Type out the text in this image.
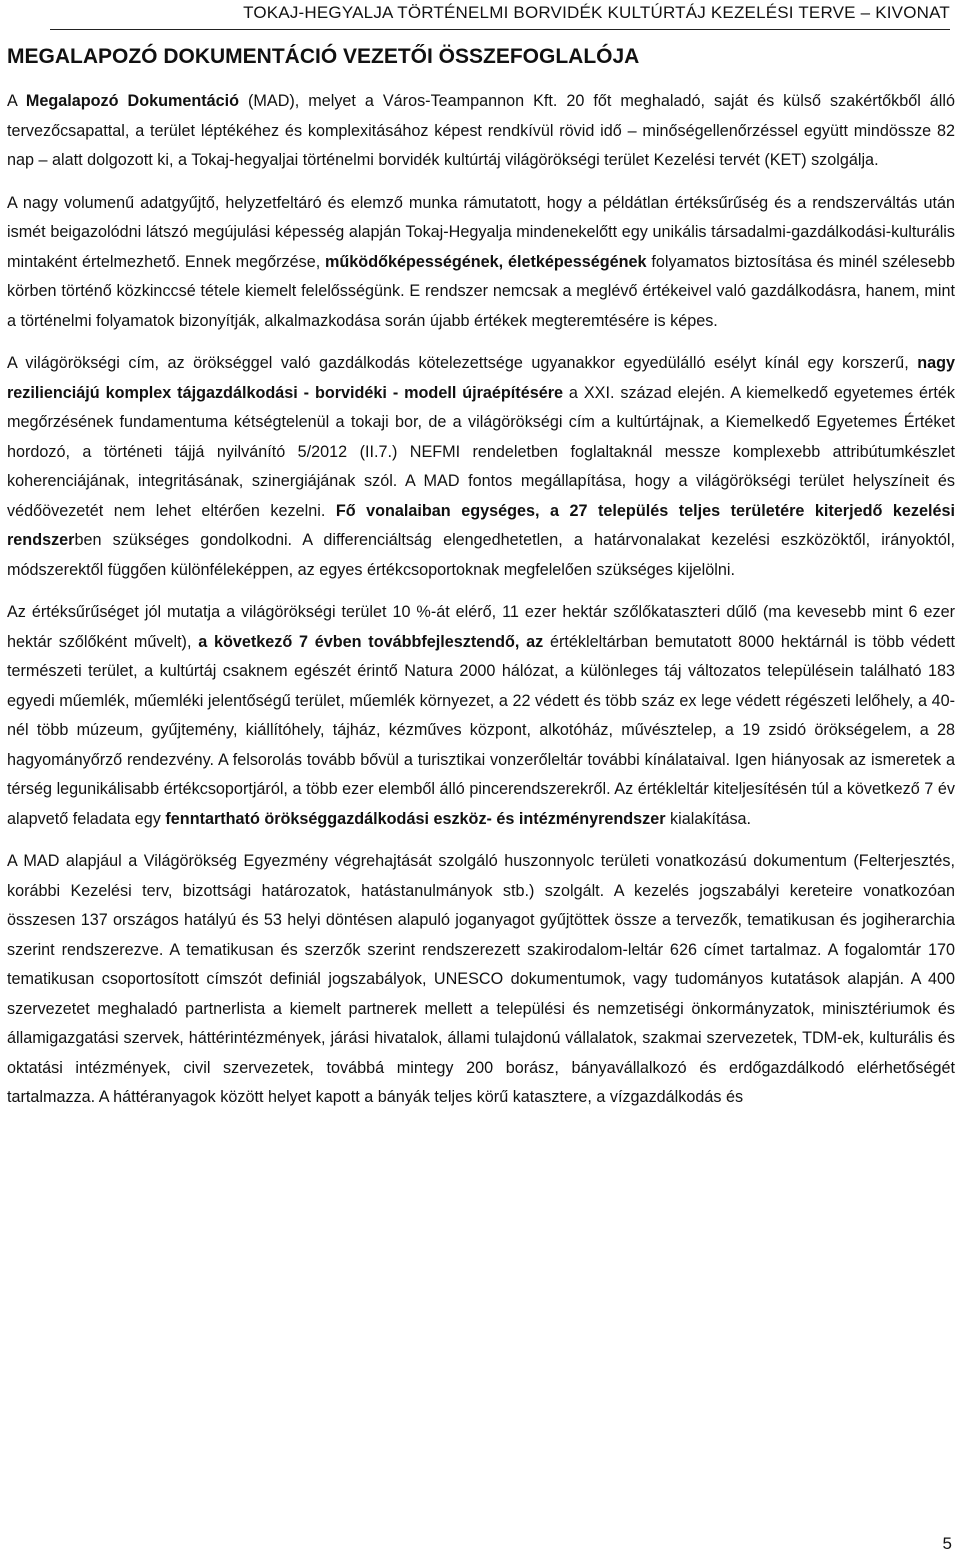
TOKAJ-HEGYALJA TÖRTÉNELMI BORVIDÉK KULTÚRTÁJ KEZELÉSI TERVE – KIVONAT
MEGALAPOZÓ DOKUMENTÁCIÓ VEZETŐI ÖSSZEFOGLALÓJA

A Megalapozó Dokumentáció (MAD), melyet a Város-Teampannon Kft. 20 főt meghaladó, saját és külső szakértőkből álló tervezőcsapattal, a terület léptékéhez és komplexitásához képest rendkívül rövid idő – minőségellenőrzéssel együtt mindössze 82 nap – alatt dolgozott ki, a Tokaj-hegyaljai történelmi borvidék kultúrtáj világörökségi terület Kezelési tervét (KET) szolgálja.

A nagy volumenű adatgyűjtő, helyzetfeltáró és elemző munka rámutatott, hogy a példátlan értéksűrűség és a rendszerváltás után ismét beigazolódni látszó megújulási képesség alapján Tokaj-Hegyalja mindenekelőtt egy unikális társadalmi-gazdálkodási-kulturális mintaként értelmezhető. Ennek megőrzése, működőképességének, életképességének folyamatos biztosítása és minél szélesebb körben történő közkinccsé tétele kiemelt felelősségünk. E rendszer nemcsak a meglévő értékeivel való gazdálkodásra, hanem, mint a történelmi folyamatok bizonyítják, alkalmazkodása során újabb értékek megteremtésére is képes.

A világörökségi cím, az örökséggel való gazdálkodás kötelezettsége ugyanakkor egyedülálló esélyt kínál egy korszerű, nagy rezilienciájú komplex tájgazdálkodási - borvidéki - modell újraépítésére a XXI. század elején. A kiemelkedő egyetemes érték megőrzésének fundamentuma kétségtelenül a tokaji bor, de a világörökségi cím a kultúrtájnak, a Kiemelkedő Egyetemes Értéket hordozó, a történeti tájjá nyilvánító 5/2012 (II.7.) NEFMI rendeletben foglaltaknál messze komplexebb attribútumkészlet koherenciájának, integritásának, szinergiájának szól. A MAD fontos megállapítása, hogy a világörökségi terület helyszíneit és védőövezetét nem lehet eltérően kezelni. Fő vonalaiban egységes, a 27 település teljes területére kiterjedő kezelési rendszerben szükséges gondolkodni. A differenciáltság elengedhetetlen, a határvonalakat kezelési eszközöktől, irányoktól, módszerektől függően különféleképpen, az egyes értékcsoportoknak megfelelően szükséges kijelölni.

Az értéksűrűséget jól mutatja a világörökségi terület 10 %-át elérő, 11 ezer hektár szőlőkataszteri dűlő (ma kevesebb mint 6 ezer hektár szőlőként művelt), a következő 7 évben továbbfejlesztendő, az értékleltárban bemutatott 8000 hektárnál is több védett természeti terület, a kultúrtáj csaknem egészét érintő Natura 2000 hálózat, a különleges táj változatos településein található 183 egyedi műemlék, műemléki jelentőségű terület, műemlék környezet, a 22 védett és több száz ex lege védett régészeti lelőhely, a 40-nél több múzeum, gyűjtemény, kiállítóhely, tájház, kézműves központ, alkotóház, művésztelep, a 19 zsidó örökségelem, a 28 hagyományőrző rendezvény. A felsorolás tovább bővül a turisztikai vonzerőleltár további kínálataival. Igen hiányosak az ismeretek a térség legunikálisabb értékcsoportjáról, a több ezer elemből álló pincerendszerekről. Az értékleltár kiteljesítésén túl a következő 7 év alapvető feladata egy fenntartható örökséggazdálkodási eszköz- és intézményrendszer kialakítása.

A MAD alapjául a Világörökség Egyezmény végrehajtását szolgáló huszonnyolc területi vonatkozású dokumentum (Felterjesztés, korábbi Kezelési terv, bizottsági határozatok, hatástanulmányok stb.) szolgált. A kezelés jogszabályi kereteire vonatkozóan összesen 137 országos hatályú és 53 helyi döntésen alapuló joganyagot gyűjtöttek össze a tervezők, tematikusan és jogiherarchia szerint rendszerezve. A tematikusan és szerzők szerint rendszerezett szakirodalom-leltár 626 címet tartalmaz. A fogalomtár 170 tematikusan csoportosított címszót definiál jogszabályok, UNESCO dokumentumok, vagy tudományos kutatások alapján. A 400 szervezetet meghaladó partnerlista a kiemelt partnerek mellett a települési és nemzetiségi önkormányzatok, minisztériumok és államigazgatási szervek, háttérintézmények, járási hivatalok, állami tulajdonú vállalatok, szakmai szervezetek, TDM-ek, kulturális és oktatási intézmények, civil szervezetek, továbbá mintegy 200 borász, bányavállalkozó és erdőgazdálkodó elérhetőségét tartalmazza. A háttéranyagok között helyet kapott a bányák teljes körű katasztere, a vízgazdálkodás és

5
